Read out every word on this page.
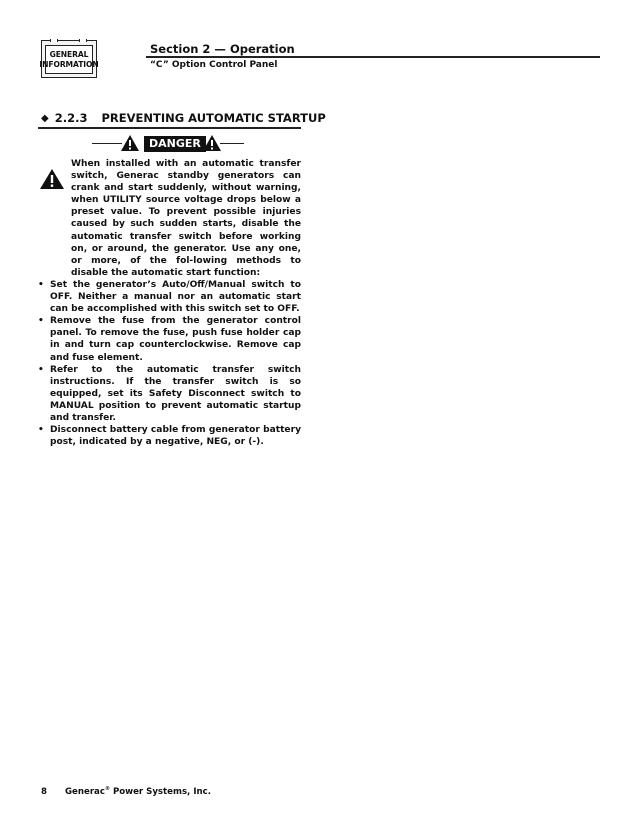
GENERAL
INFORMATION
Section 2 — Operation
“C” Option Control Panel
◆ 2.2.3 PREVENTING AUTOMATIC STARTUP
DANGER

When installed with an automatic transfer switch, Generac standby generators can crank and start suddenly, without warning, when UTILITY source voltage drops below a preset value. To prevent possible injuries caused by such sudden starts, disable the automatic transfer switch before working on, or around, the generator. Use any one, or more, of the fol-lowing methods to disable the automatic start function:

• Set the generator’s Auto/Off/Manual switch to OFF. Neither a manual nor an automatic start can be accomplished with this switch set to OFF.
• Remove the fuse from the generator control panel. To remove the fuse, push fuse holder cap in and turn cap counterclockwise. Remove cap and fuse element.
• Refer to the automatic transfer switch instructions. If the transfer switch is so equipped, set its Safety Disconnect switch to MANUAL position to prevent automatic startup and transfer.
• Disconnect battery cable from generator battery post, indicated by a negative, NEG, or (-).
8 Generac® Power Systems, Inc.
